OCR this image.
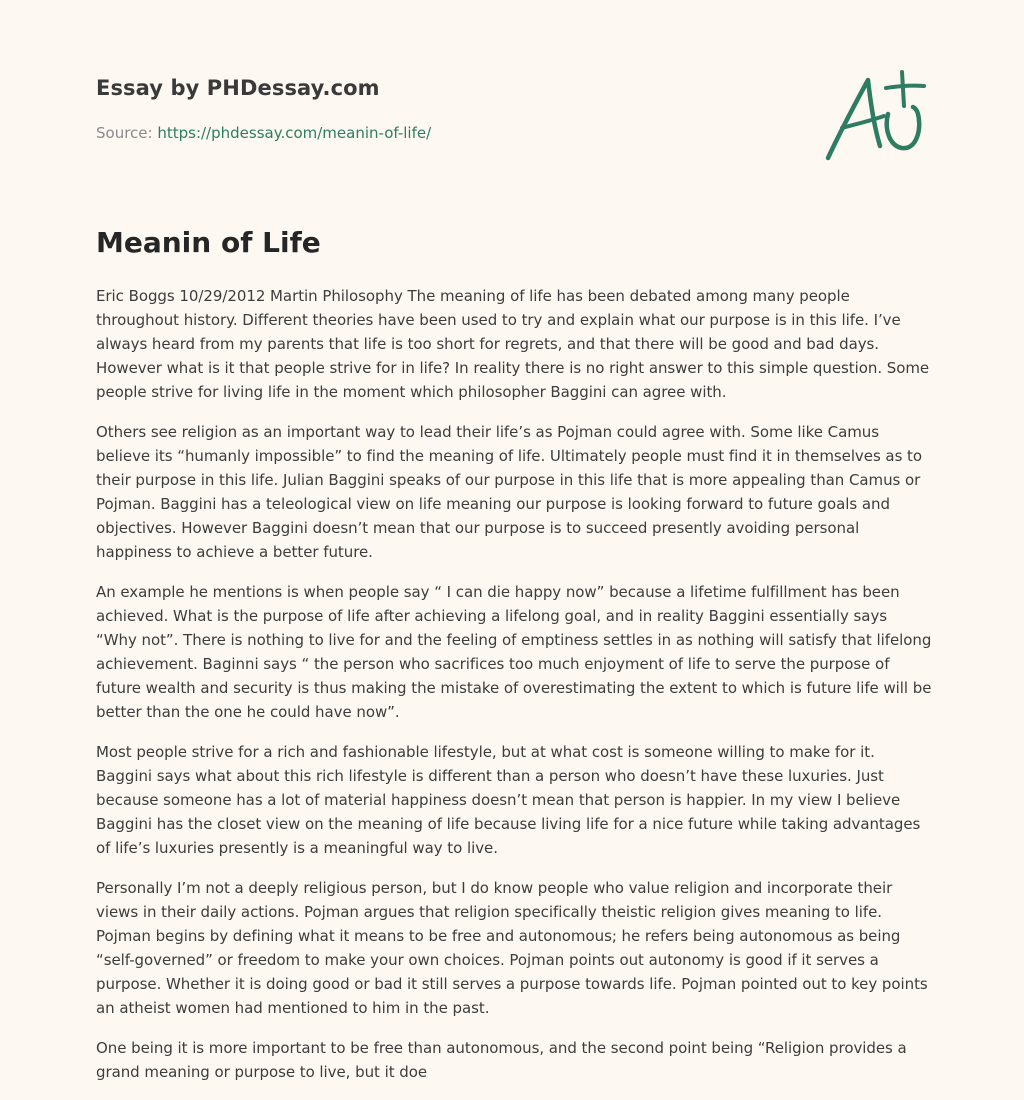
Essay by PHDessay.com
Source: https://phdessay.com/meanin-of-life/
Meanin of Life

Eric Boggs 10/29/2012 Martin Philosophy The meaning of life has been debated among many people throughout history. Different theories have been used to try and explain what our purpose is in this life. I’ve always heard from my parents that life is too short for regrets, and that there will be good and bad days. However what is it that people strive for in life? In reality there is no right answer to this simple question. Some people strive for living life in the moment which philosopher Baggini can agree with.

Others see religion as an important way to lead their life’s as Pojman could agree with. Some like Camus believe its “humanly impossible” to find the meaning of life. Ultimately people must find it in themselves as to their purpose in this life. Julian Baggini speaks of our purpose in this life that is more appealing than Camus or Pojman. Baggini has a teleological view on life meaning our purpose is looking forward to future goals and objectives. However Baggini doesn’t mean that our purpose is to succeed presently avoiding personal happiness to achieve a better future.

An example he mentions is when people say “ I can die happy now” because a lifetime fulfillment has been achieved. What is the purpose of life after achieving a lifelong goal, and in reality Baggini essentially says “Why not”. There is nothing to live for and the feeling of emptiness settles in as nothing will satisfy that lifelong achievement. Baginni says “ the person who sacrifices too much enjoyment of life to serve the purpose of future wealth and security is thus making the mistake of overestimating the extent to which is future life will be better than the one he could have now”.

Most people strive for a rich and fashionable lifestyle, but at what cost is someone willing to make for it. Baggini says what about this rich lifestyle is different than a person who doesn’t have these luxuries. Just because someone has a lot of material happiness doesn’t mean that person is happier. In my view I believe Baggini has the closet view on the meaning of life because living life for a nice future while taking advantages of life’s luxuries presently is a meaningful way to live.

Personally I’m not a deeply religious person, but I do know people who value religion and incorporate their views in their daily actions. Pojman argues that religion specifically theistic religion gives meaning to life. Pojman begins by defining what it means to be free and autonomous; he refers being autonomous as being “self-governed” or freedom to make your own choices. Pojman points out autonomy is good if it serves a purpose. Whether it is doing good or bad it still serves a purpose towards life. Pojman pointed out to key points an atheist women had mentioned to him in the past.

One being it is more important to be free than autonomous, and the second point being “Religion provides a grand meaning or purpose to live, but it doe
